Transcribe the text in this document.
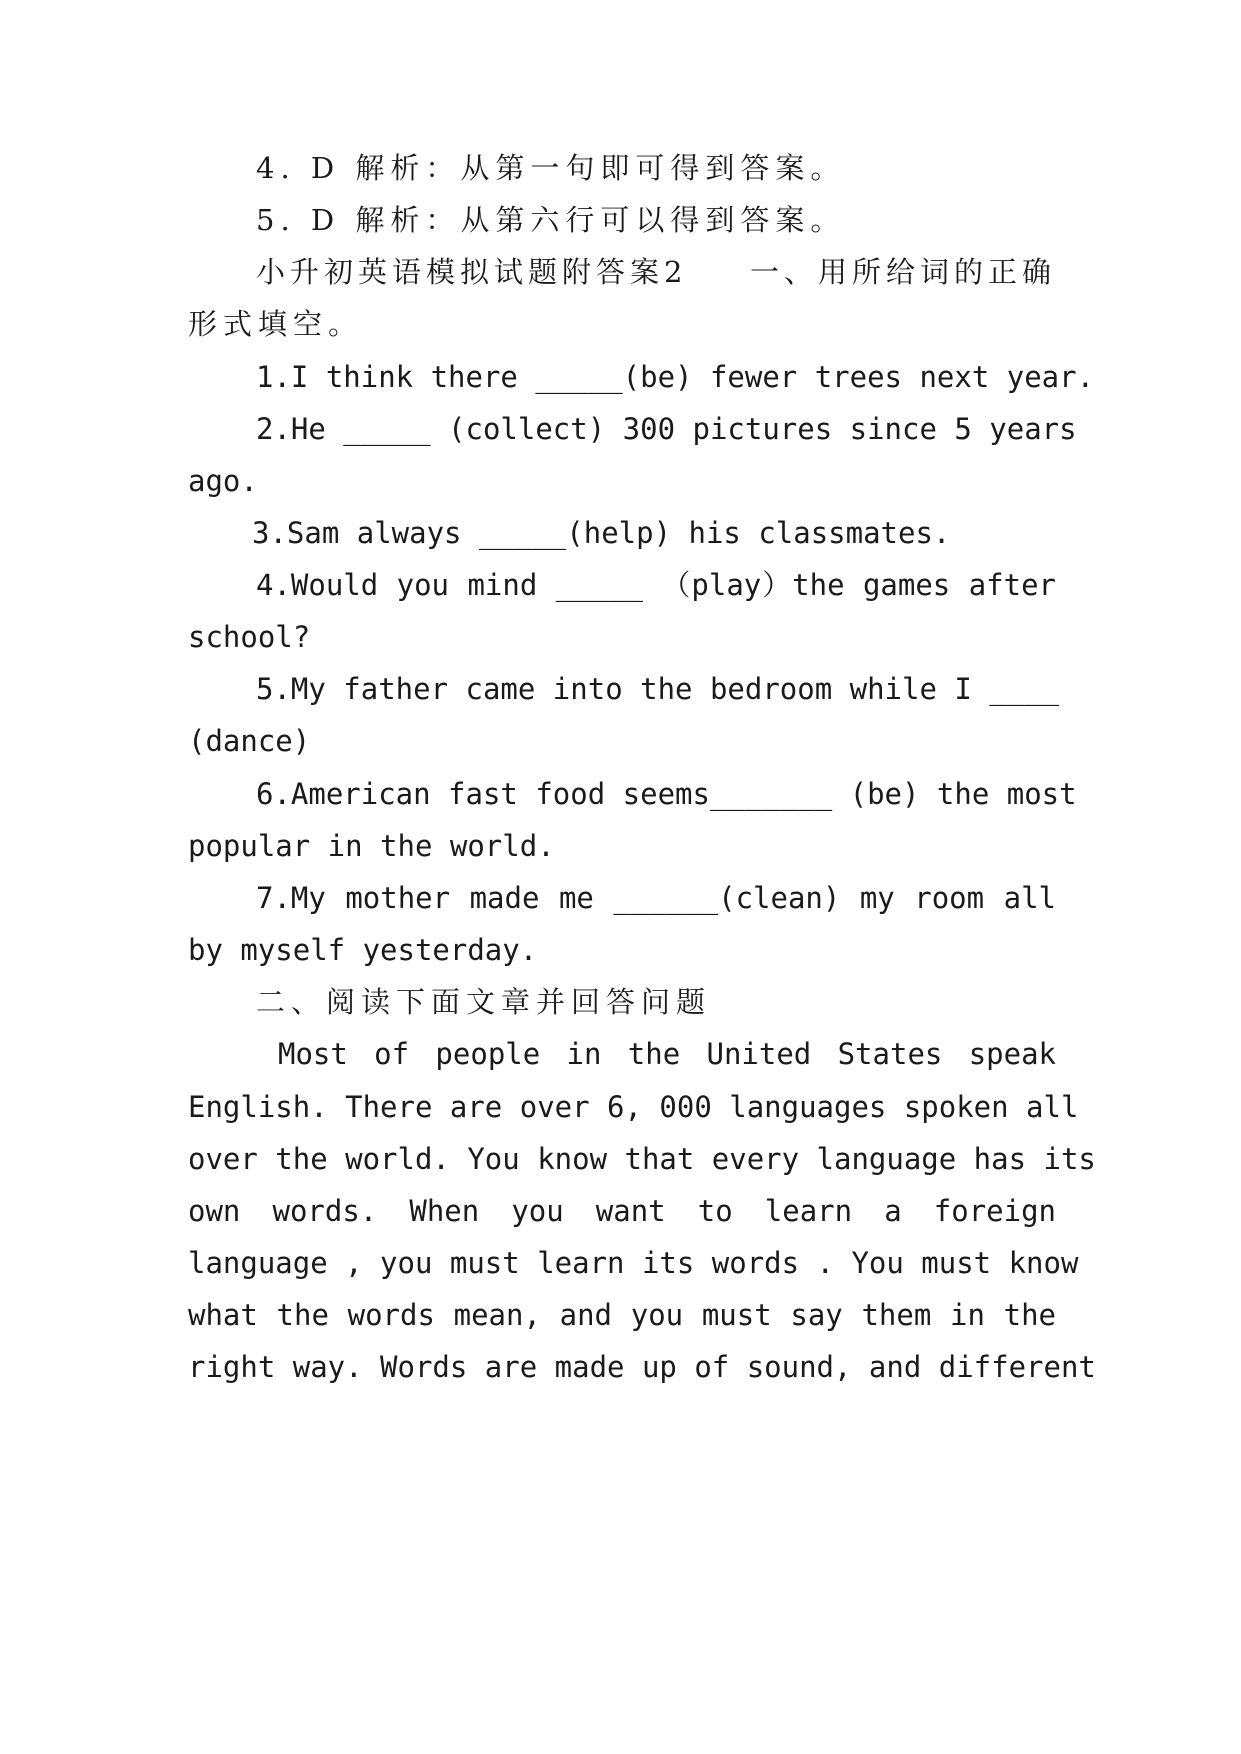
4. D 解析：从第一句即可得到答案。
5. D 解析：从第六行可以得到答案。
小升初英语模拟试题附答案2 一、用所给词的正确
形式填空。
1.I think there _____(be) fewer trees next year.
2.He _____ (collect) 300 pictures since 5 years
ago.
3.Sam always _____(help) his classmates.
4.Would you mind _____ （play）the games after
school?
5.My father came into the bedroom while I ____
(dance)
6.American fast food seems_______ (be) the most
popular in the world.
7.My mother made me ______(clean) my room all
by myself yesterday.
二、阅读下面文章并回答问题
Most of people in the United States speak
English. There are over 6, 000 languages spoken all
over the world. You know that every language has its
own words. When you want to learn a foreign
language , you must learn its words . You must know
what the words mean, and you must say them in the
right way. Words are made up of sound, and different
